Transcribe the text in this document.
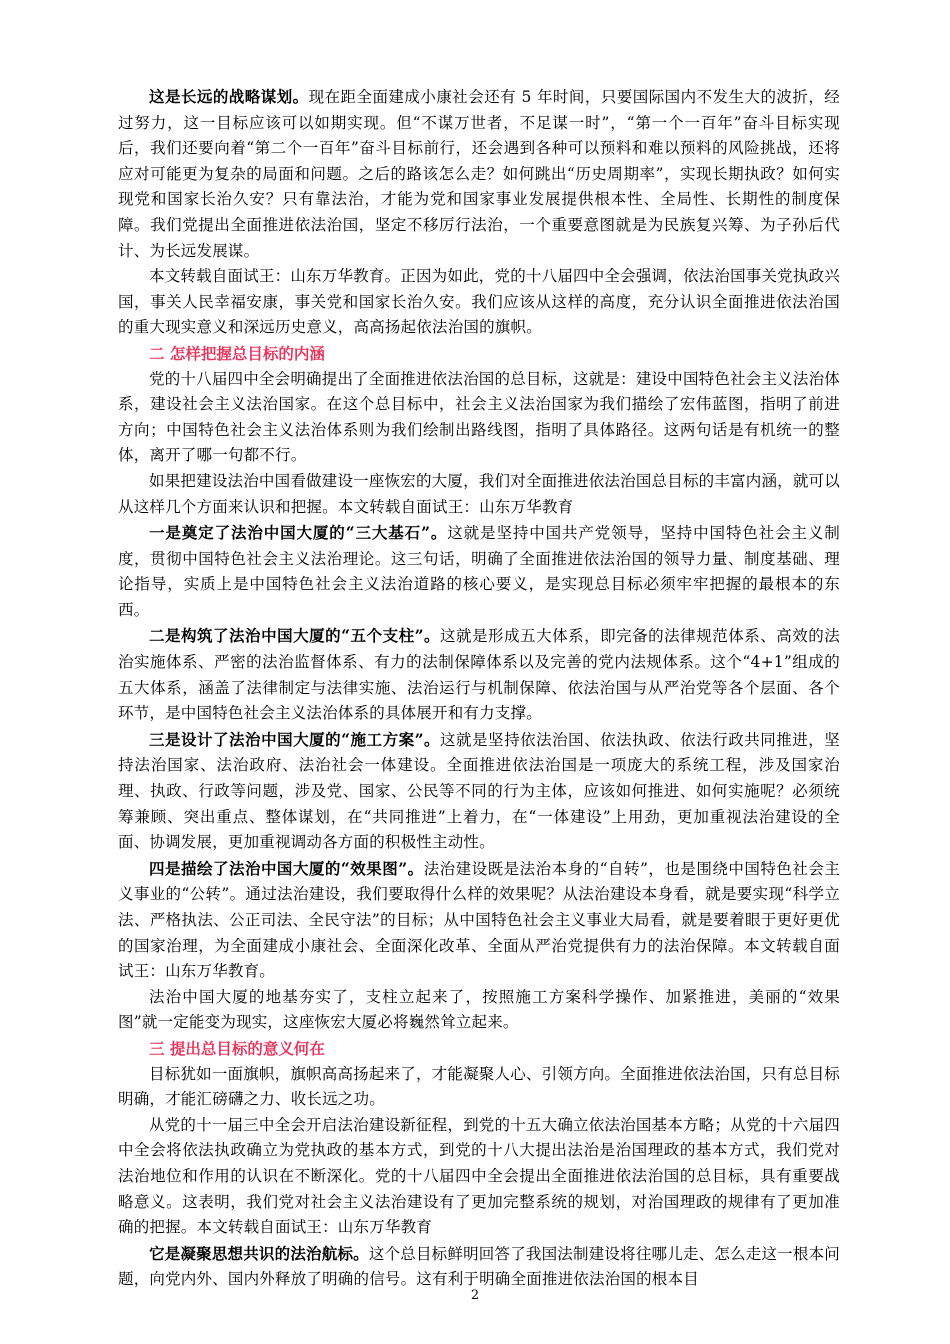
这是长远的战略谋划。现在距全面建成小康社会还有 5 年时间，只要国际国内不发生大的波折，经过努力，这一目标应该可以如期实现。但“不谋万世者，不足谋一时”，“第一个一百年”奋斗目标实现后，我们还要向着“第二个一百年”奋斗目标前行，还会遇到各种可以预料和难以预料的风险挑战，还将应对可能更为复杂的局面和问题。之后的路该怎么走？如何跳出“历史周期率”，实现长期执政？如何实现党和国家长治久安？只有靠法治，才能为党和国家事业发展提供根本性、全局性、长期性的制度保障。我们党提出全面推进依法治国，坚定不移厉行法治，一个重要意图就是为民族复兴筹、为子孙后代计、为长远发展谋。

本文转载自面试王：山东万华教育。正因为如此，党的十八届四中全会强调，依法治国事关党执政兴国，事关人民幸福安康，事关党和国家长治久安。我们应该从这样的高度，充分认识全面推进依法治国的重大现实意义和深远历史意义，高高扬起依法治国的旗帜。

二 怎样把握总目标的内涵

党的十八届四中全会明确提出了全面推进依法治国的总目标，这就是：建设中国特色社会主义法治体系，建设社会主义法治国家。在这个总目标中，社会主义法治国家为我们描绘了宏伟蓝图，指明了前进方向；中国特色社会主义法治体系则为我们绘制出路线图，指明了具体路径。这两句话是有机统一的整体，离开了哪一句都不行。

如果把建设法治中国看做建设一座恢宏的大厦，我们对全面推进依法治国总目标的丰富内涵，就可以从这样几个方面来认识和把握。本文转载自面试王：山东万华教育

一是奠定了法治中国大厦的“三大基石”。这就是坚持中国共产党领导，坚持中国特色社会主义制度，贯彻中国特色社会主义法治理论。这三句话，明确了全面推进依法治国的领导力量、制度基础、理论指导，实质上是中国特色社会主义法治道路的核心要义，是实现总目标必须牢牢把握的最根本的东西。

二是构筑了法治中国大厦的“五个支柱”。这就是形成五大体系，即完备的法律规范体系、高效的法治实施体系、严密的法治监督体系、有力的法制保障体系以及完善的党内法规体系。这个“4+1”组成的五大体系，涵盖了法律制定与法律实施、法治运行与机制保障、依法治国与从严治党等各个层面、各个环节，是中国特色社会主义法治体系的具体展开和有力支撑。

三是设计了法治中国大厦的“施工方案”。这就是坚持依法治国、依法执政、依法行政共同推进，坚持法治国家、法治政府、法治社会一体建设。全面推进依法治国是一项庞大的系统工程，涉及国家治理、执政、行政等问题，涉及党、国家、公民等不同的行为主体，应该如何推进、如何实施呢？必须统筹兼顾、突出重点、整体谋划，在“共同推进”上着力，在“一体建设”上用劲，更加重视法治建设的全面、协调发展，更加重视调动各方面的积极性主动性。

四是描绘了法治中国大厦的“效果图”。法治建设既是法治本身的“自转”，也是围绕中国特色社会主义事业的“公转”。通过法治建设，我们要取得什么样的效果呢？从法治建设本身看，就是要实现“科学立法、严格执法、公正司法、全民守法”的目标；从中国特色社会主义事业大局看，就是要着眼于更好更优的国家治理，为全面建成小康社会、全面深化改革、全面从严治党提供有力的法治保障。本文转载自面试王：山东万华教育。

法治中国大厦的地基夯实了，支柱立起来了，按照施工方案科学操作、加紧推进，美丽的“效果图”就一定能变为现实，这座恢宏大厦必将巍然耸立起来。

三 提出总目标的意义何在

目标犹如一面旗帜，旗帜高高扬起来了，才能凝聚人心、引领方向。全面推进依法治国，只有总目标明确，才能汇磅礴之力、收长远之功。

从党的十一届三中全会开启法治建设新征程，到党的十五大确立依法治国基本方略；从党的十六届四中全会将依法执政确立为党执政的基本方式，到党的十八大提出法治是治国理政的基本方式，我们党对法治地位和作用的认识在不断深化。党的十八届四中全会提出全面推进依法治国的总目标，具有重要战略意义。这表明，我们党对社会主义法治建设有了更加完整系统的规划，对治国理政的规律有了更加准确的把握。本文转载自面试王：山东万华教育

它是凝聚思想共识的法治航标。这个总目标鲜明回答了我国法制建设将往哪儿走、怎么走这一根本问题，向党内外、国内外释放了明确的信号。这有利于明确全面推进依法治国的根本目

2
